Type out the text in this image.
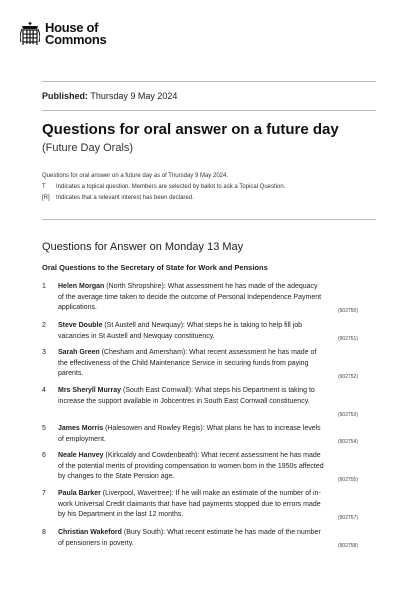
House of
Commons
Published: Thursday 9 May 2024
Questions for oral answer on a future day
(Future Day Orals)
Questions for oral answer on a future day as of Thursday 9 May 2024.
T	Indicates a topical question. Members are selected by ballot to ask a Topical Question.
[R]	Indicates that a relevant interest has been declared.
Questions for Answer on Monday 13 May
Oral Questions to the Secretary of State for Work and Pensions
1 Helen Morgan (North Shropshire): What assessment he has made of the adequacy of the average time taken to decide the outcome of Personal Independence Payment applications.	(902750)
2 Steve Double (St Austell and Newquay): What steps he is taking to help fill job vacancies in St Austell and Newquay constituency.	(902751)
3 Sarah Green (Chesham and Amersham): What recent assessment he has made of the effectiveness of the Child Maintenance Service in securing funds from paying parents.	(902752)
4 Mrs Sheryll Murray (South East Cornwall): What steps his Department is taking to increase the support available in Jobcentres in South East Cornwall constituency.
(902753)
5 James Morris (Halesowen and Rowley Regis): What plans he has to increase levels of employment.	(902754)
6 Neale Hanvey (Kirkcaldy and Cowdenbeath): What recent assessment he has made of the potential merits of providing compensation to women born in the 1950s affected by changes to the State Pension age.	(902755)
7 Paula Barker (Liverpool, Wavertree): If he will make an estimate of the number of in-work Universal Credit claimants that have had payments stopped due to errors made by his Department in the last 12 months.	(902757)
8 Christian Wakeford (Bury South): What recent estimate he has made of the number of pensioners in poverty.	(902758)
